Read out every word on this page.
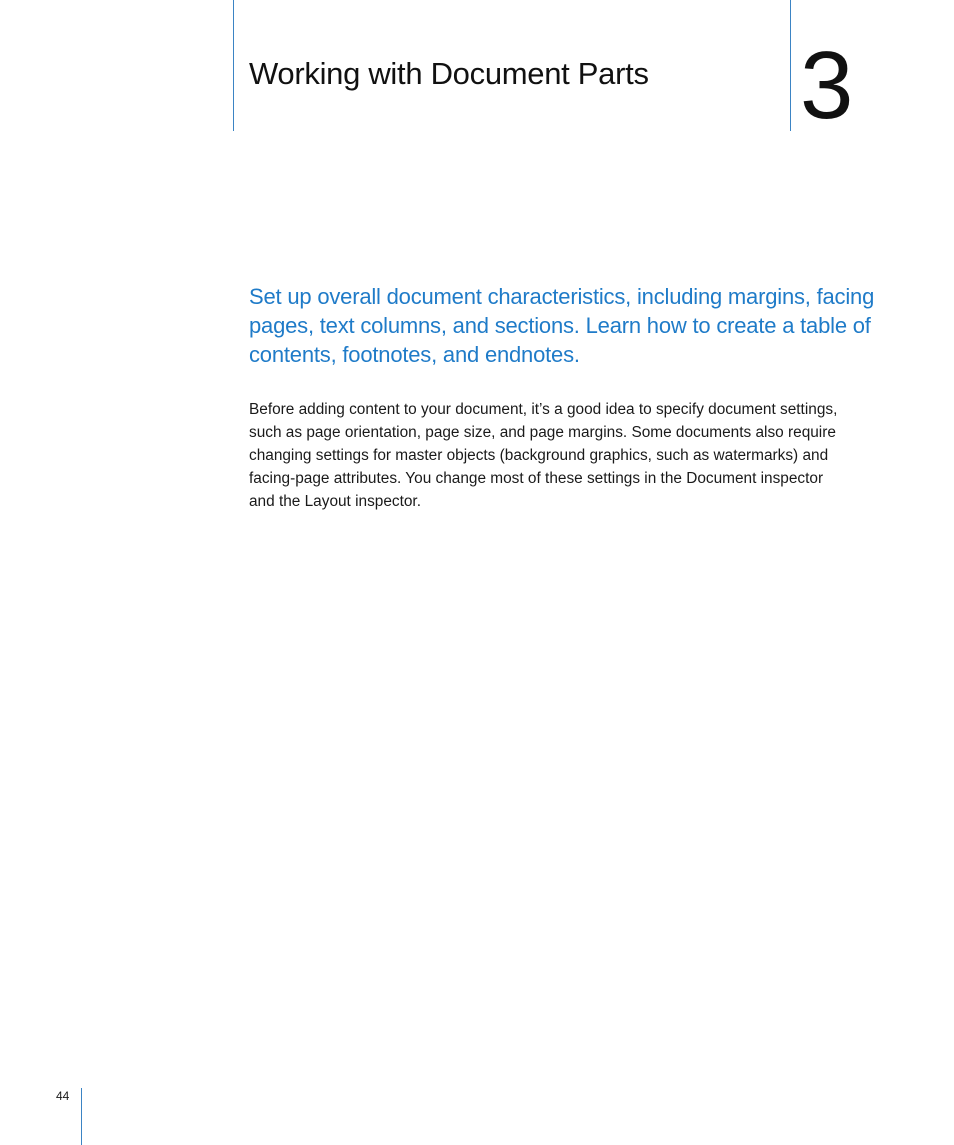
Working with Document Parts 3

Set up overall document characteristics, including margins, facing pages, text columns, and sections. Learn how to create a table of contents, footnotes, and endnotes.

Before adding content to your document, it’s a good idea to specify document settings, such as page orientation, page size, and page margins. Some documents also require changing settings for master objects (background graphics, such as watermarks) and facing-page attributes. You change most of these settings in the Document inspector and the Layout inspector.

44
